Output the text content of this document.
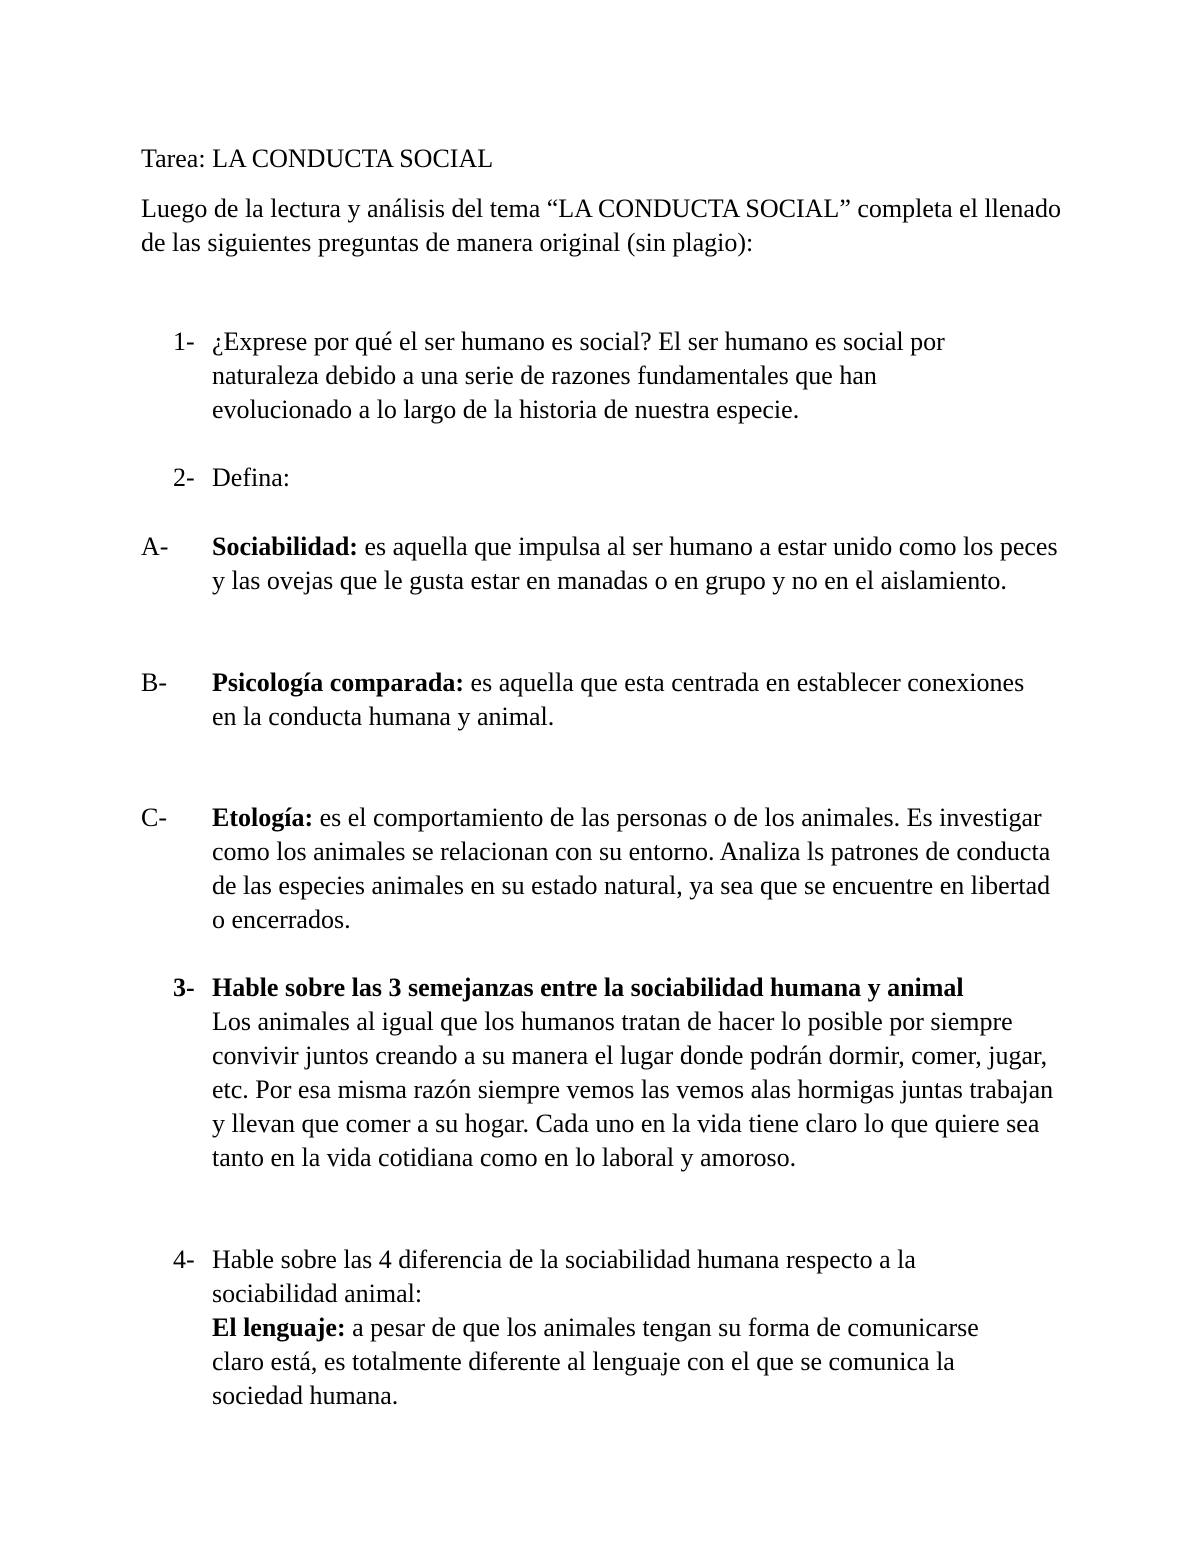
Tarea: LA CONDUCTA SOCIAL
Luego de la lectura y análisis del tema “LA CONDUCTA SOCIAL” completa el llenado de las siguientes preguntas de manera original (sin plagio):
1- ¿Exprese por qué el ser humano es social? El ser humano es social por naturaleza debido a una serie de razones fundamentales que han evolucionado a lo largo de la historia de nuestra especie.
2- Defina:
A-	Sociabilidad: es aquella que impulsa al ser humano a estar unido como los peces y las ovejas que le gusta estar en manadas o en grupo y no en el aislamiento.
B-	Psicología comparada: es aquella que esta centrada en establecer conexiones en la conducta humana y animal.
C-	Etología: es el comportamiento de las personas o de los animales. Es investigar como los animales se relacionan con su entorno. Analiza ls patrones de conducta de las especies animales en su estado natural, ya sea que se encuentre en libertad o encerrados.
3- Hable sobre las 3 semejanzas entre la sociabilidad humana y animal
Los animales al igual que los humanos tratan de hacer lo posible por siempre convivir juntos creando a su manera el lugar donde podrán dormir, comer, jugar, etc. Por esa misma razón siempre vemos las vemos alas hormigas juntas trabajan y llevan que comer a su hogar. Cada uno en la vida tiene claro lo que quiere sea tanto en la vida cotidiana como en lo laboral y amoroso.
4- Hable sobre las 4 diferencia de la sociabilidad humana respecto a la sociabilidad animal:
El lenguaje: a pesar de que los animales tengan su forma de comunicarse claro está, es totalmente diferente al lenguaje con el que se comunica la sociedad humana.
